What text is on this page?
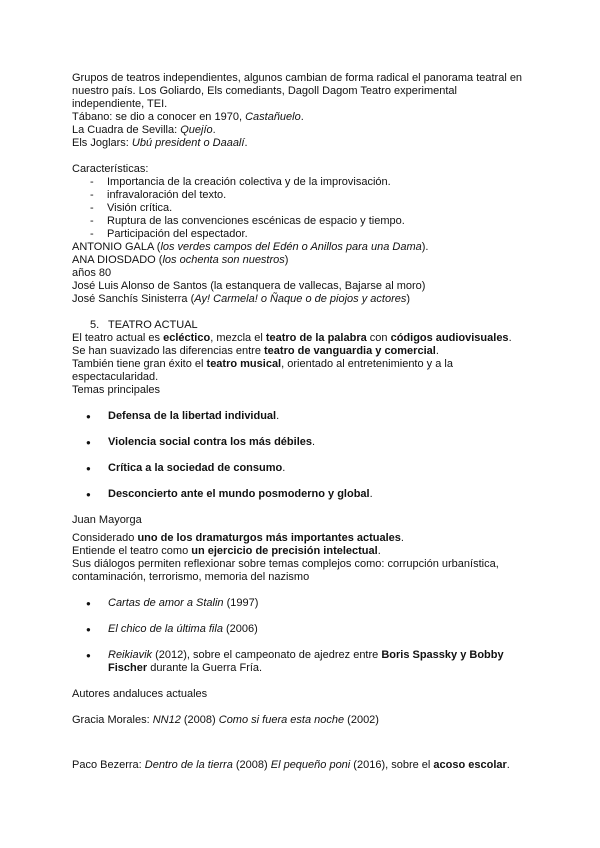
Grupos de teatros independientes, algunos cambian de forma radical el panorama teatral en

nuestro país. Los Goliardo, Els comediants, Dagoll Dagom Teatro experimental

independiente, TEI.

Tábano: se dio a conocer en 1970, Castañuelo.

La Cuadra de Sevilla: Quejío.

Els Joglars: Ubú president o Daaalí.

Características:

- Importancia de la creación colectiva y de la improvisación.
- infravaloración del texto.
- Visión crítica.
- Ruptura de las convenciones escénicas de espacio y tiempo.
- Participación del espectador.

ANTONIO GALA (los verdes campos del Edén o Anillos para una Dama).

ANA DIOSDADO (los ochenta son nuestros)

años 80

José Luis Alonso de Santos (la estanquera de vallecas, Bajarse al moro)

José Sanchís Sinisterra (Ay! Carmela! o Ñaque o de piojos y actores)

5. TEATRO ACTUAL

El teatro actual es ecléctico, mezcla el teatro de la palabra con códigos audiovisuales.

Se han suavizado las diferencias entre teatro de vanguardia y comercial.

También tiene gran éxito el teatro musical, orientado al entretenimiento y a la

espectacularidad.

Temas principales

● Defensa de la libertad individual.
● Violencia social contra los más débiles.
● Crítica a la sociedad de consumo.
● Desconcierto ante el mundo posmoderno y global.

Juan Mayorga

Considerado uno de los dramaturgos más importantes actuales.

Entiende el teatro como un ejercicio de precisión intelectual.

Sus diálogos permiten reflexionar sobre temas complejos como: corrupción urbanística,

contaminación, terrorismo, memoria del nazismo

● Cartas de amor a Stalin (1997)
● El chico de la última fila (2006)
● Reikiavik (2012), sobre el campeonato de ajedrez entre Boris Spassky y Bobby
Fischer durante la Guerra Fría.

Autores andaluces actuales

Gracia Morales: NN12 (2008) Como si fuera esta noche (2002)

Paco Bezerra: Dentro de la tierra (2008) El pequeño poni (2016), sobre el acoso escolar.
